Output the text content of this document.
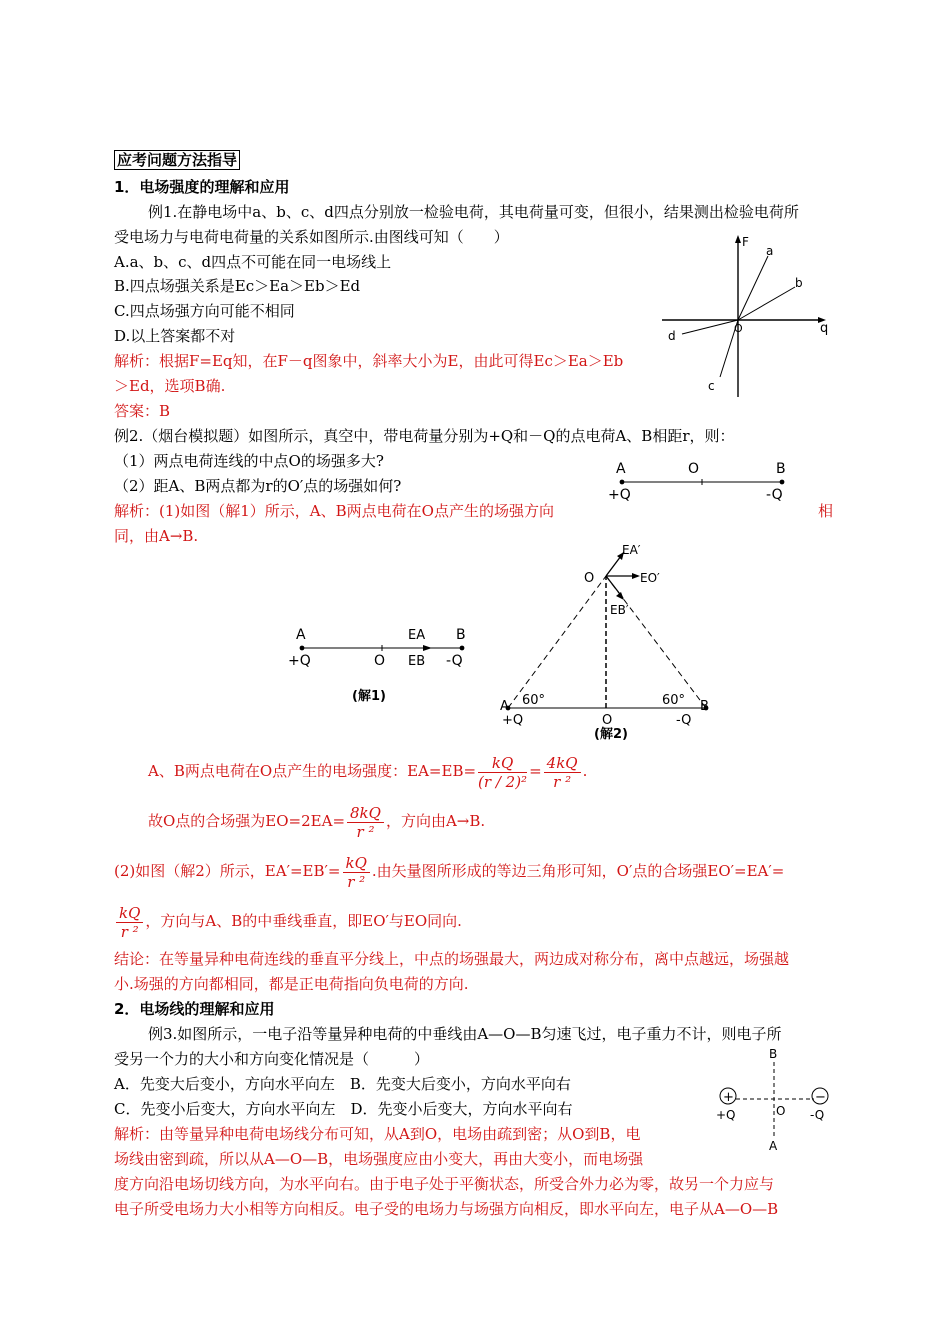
应考问题方法指导
1．电场强度的理解和应用
例1.在静电场中a、b、c、d四点分别放一检验电荷，其电荷量可变，但很小，结果测出检验电荷所
受电场力与电荷电荷量的关系如图所示.由图线可知（　　）
A.a、b、c、d四点不可能在同一电场线上
B.四点场强关系是Ec＞Ea＞Eb＞Ed
C.四点场强方向可能不相同
D.以上答案都不对
解析：根据F=Eq知，在F－q图象中，斜率大小为E，由此可得Ec＞Ea＞Eb
＞Ed，选项B确.
答案：B
F
q
a
b
c
d
O
例2.（烟台模拟题）如图所示，真空中，带电荷量分别为+Q和－Q的点电荷A、B相距r，则：
（1）两点电荷连线的中点O的场强多大?
（2）距A、B两点都为r的O′点的场强如何?
解析：(1)如图（解1）所示，A、B两点电荷在O点产生的场强方向	相
同，由A→B.
A	O	B
+Q	-Q
A
+Q	O
EA
EB
B
-Q
(解1)
O
EA′
EO′
EB′
60°	60°
A
+Q	O
B
-Q
(解2)
A、B两点电荷在O点产生的电场强度：$EA=EB= \frac{kQ}{\text{(r / 2)²}} = \frac{4kQ}{\text{r ²}}$ .
故O点的合场强为$EO=2EA= \frac{8kQ}{\text{r ²}}$ ，方向由A→B.
(2)如图（解2）所示，$EA'=EB'= \frac{kQ}{\text{r ²}}$ .由矢量图所形成的等边三角形可知，O′点的合场强EO′=EA′=
$\frac{kQ}{\text{r ²}}$ ，方向与A、B的中垂线垂直，即EO′与EO同向.
结论：在等量异种电荷连线的垂直平分线上，中点的场强最大，两边成对称分布，离中点越远，场强越
小.场强的方向都相同，都是正电荷指向负电荷的方向.
2．电场线的理解和应用
例3.如图所示，一电子沿等量异种电荷的中垂线由A—O—B匀速飞过，电子重力不计，则电子所
受另一个力的大小和方向变化情况是（　　　）
A．先变大后变小，方向水平向左　B．先变大后变小，方向水平向右
C．先变小后变大，方向水平向左　D．先变小后变大，方向水平向右
解析：由等量异种电荷电场线分布可知，从A到O，电场由疏到密；从O到B，电
场线由密到疏，所以从A—O—B，电场强度应由小变大，再由大变小，而电场强
度方向沿电场切线方向，为水平向右。由于电子处于平衡状态，所受合外力必为零，故另一个力应与
电子所受电场力大小相等方向相反。电子受的电场力与场强方向相反，即水平向左，电子从A—O—B
+	−
B
+Q	O -Q
A
